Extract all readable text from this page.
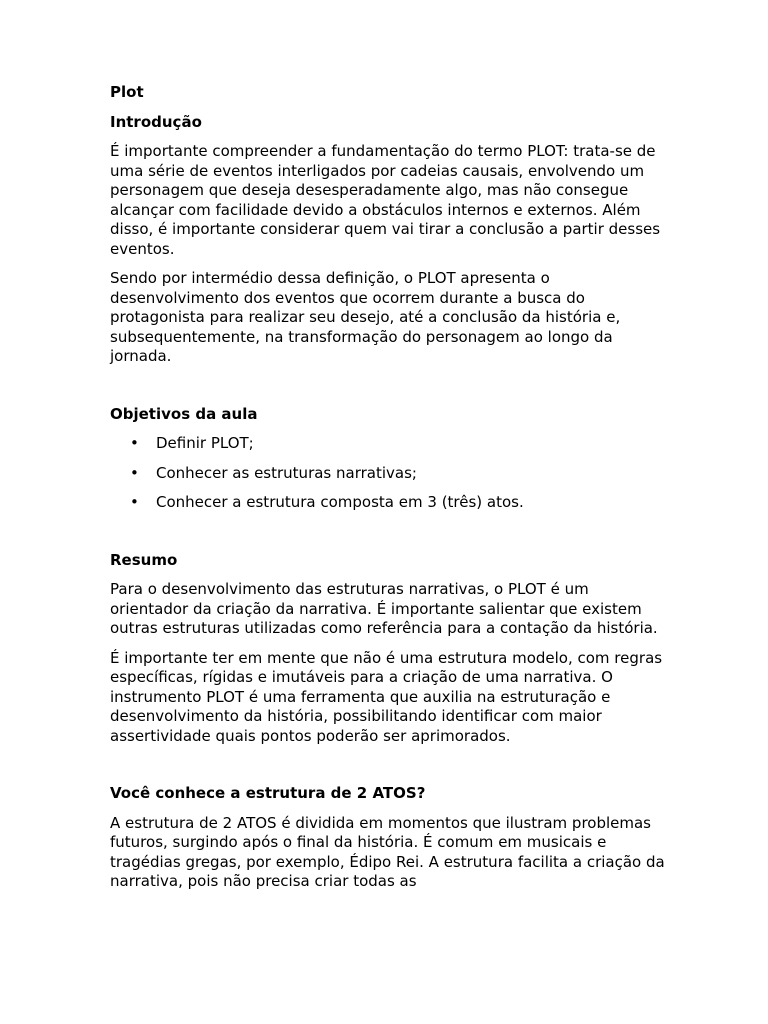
Plot
Introdução

É importante compreender a fundamentação do termo PLOT: trata-se de uma série de eventos interligados por cadeias causais, envolvendo um personagem que deseja desesperadamente algo, mas não consegue alcançar com facilidade devido a obstáculos internos e externos. Além disso, é importante considerar quem vai tirar a conclusão a partir desses eventos.

Sendo por intermédio dessa definição, o PLOT apresenta o desenvolvimento dos eventos que ocorrem durante a busca do protagonista para realizar seu desejo, até a conclusão da história e, subsequentemente, na transformação do personagem ao longo da jornada.

Objetivos da aula
• Definir PLOT;
• Conhecer as estruturas narrativas;
• Conhecer a estrutura composta em 3 (três) atos.
Resumo

Para o desenvolvimento das estruturas narrativas, o PLOT é um orientador da criação da narrativa. É importante salientar que existem outras estruturas utilizadas como referência para a contação da história.

É importante ter em mente que não é uma estrutura modelo, com regras específicas, rígidas e imutáveis para a criação de uma narrativa. O instrumento PLOT é uma ferramenta que auxilia na estruturação e desenvolvimento da história, possibilitando identificar com maior assertividade quais pontos poderão ser aprimorados.

Você conhece a estrutura de 2 ATOS?

A estrutura de 2 ATOS é dividida em momentos que ilustram problemas futuros, surgindo após o final da história. É comum em musicais e tragédias gregas, por exemplo, Édipo Rei. A estrutura facilita a criação da narrativa, pois não precisa criar todas as
